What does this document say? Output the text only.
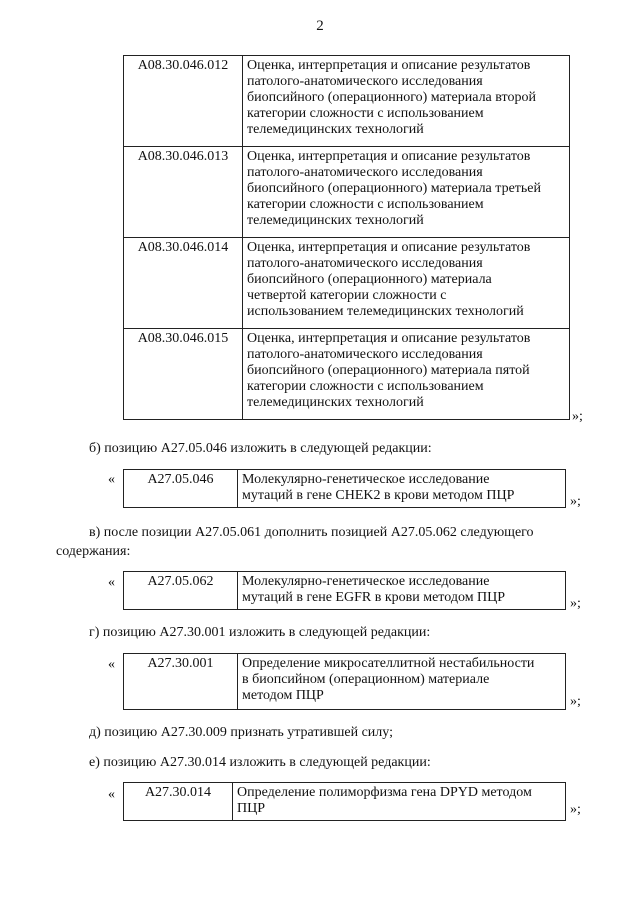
2
A08.30.046.012	Оценка, интерпретация и описание результатов
патолого-анатомического исследования
биопсийного (операционного) материала второй
категории сложности с использованием
телемедицинских технологий

A08.30.046.013	Оценка, интерпретация и описание результатов
патолого-анатомического исследования
биопсийного (операционного) материала третьей
категории сложности с использованием
телемедицинских технологий

A08.30.046.014	Оценка, интерпретация и описание результатов
патолого-анатомического исследования
биопсийного (операционного) материала
четвертой категории сложности с
использованием телемедицинских технологий

A08.30.046.015	Оценка, интерпретация и описание результатов
патолого-анатомического исследования
биопсийного (операционного) материала пятой
категории сложности с использованием
телемедицинских технологий
»;
б) позицию А27.05.046 изложить в следующей редакции:
« А27.05.046	Молекулярно-генетическое исследование
мутаций в гене CHEK2 в крови методом ПЦР	»;
в) после позиции А27.05.061 дополнить позицией А27.05.062 следующего
содержания:
« А27.05.062	Молекулярно-генетическое исследование
мутаций в гене EGFR в крови методом ПЦР	»;
г) позицию А27.30.001 изложить в следующей редакции:
« А27.30.001	Определение микросателлитной нестабильности
в биопсийном (операционном) материале
методом ПЦР	»;
д) позицию А27.30.009 признать утратившей силу;
е) позицию А27.30.014 изложить в следующей редакции:
« А27.30.014	Определение полиморфизма гена DPYD методом
ПЦР	»;
